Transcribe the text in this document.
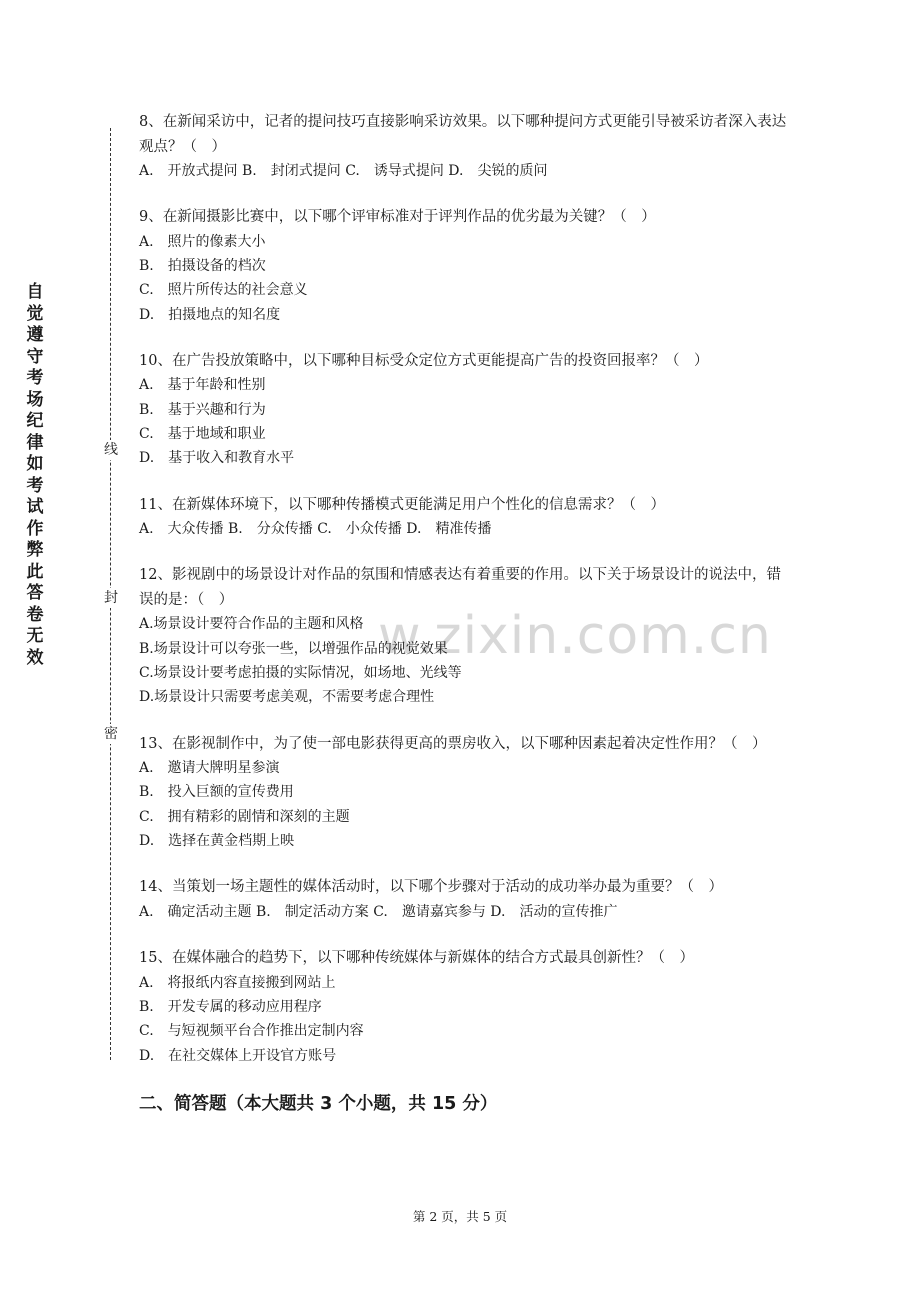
自觉遵守考场纪律如考试作弊此答卷无效
线
封
密
w.zixin.com.cn
8、在新闻采访中，记者的提问技巧直接影响采访效果。以下哪种提问方式更能引导被采访者深入表达观点？（　）
A.　开放式提问 B.　封闭式提问 C.　诱导式提问 D.　尖锐的质问
9、在新闻摄影比赛中，以下哪个评审标准对于评判作品的优劣最为关键？（　）
A.　照片的像素大小
B.　拍摄设备的档次
C.　照片所传达的社会意义
D.　拍摄地点的知名度
10、在广告投放策略中，以下哪种目标受众定位方式更能提高广告的投资回报率？（　）
A.　基于年龄和性别
B.　基于兴趣和行为
C.　基于地域和职业
D.　基于收入和教育水平
11、在新媒体环境下，以下哪种传播模式更能满足用户个性化的信息需求？（　）
A.　大众传播 B.　分众传播 C.　小众传播 D.　精准传播
12、影视剧中的场景设计对作品的氛围和情感表达有着重要的作用。以下关于场景设计的说法中，错误的是：（　）
A.场景设计要符合作品的主题和风格
B.场景设计可以夸张一些，以增强作品的视觉效果
C.场景设计要考虑拍摄的实际情况，如场地、光线等
D.场景设计只需要考虑美观，不需要考虑合理性
13、在影视制作中，为了使一部电影获得更高的票房收入，以下哪种因素起着决定性作用？（　）
A.　邀请大牌明星参演
B.　投入巨额的宣传费用
C.　拥有精彩的剧情和深刻的主题
D.　选择在黄金档期上映
14、当策划一场主题性的媒体活动时，以下哪个步骤对于活动的成功举办最为重要？（　）
A.　确定活动主题 B.　制定活动方案 C.　邀请嘉宾参与 D.　活动的宣传推广
15、在媒体融合的趋势下，以下哪种传统媒体与新媒体的结合方式最具创新性？（　）
A.　将报纸内容直接搬到网站上
B.　开发专属的移动应用程序
C.　与短视频平台合作推出定制内容
D.　在社交媒体上开设官方账号
二、简答题（本大题共 3 个小题，共 15 分）
第 2 页，共 5 页
